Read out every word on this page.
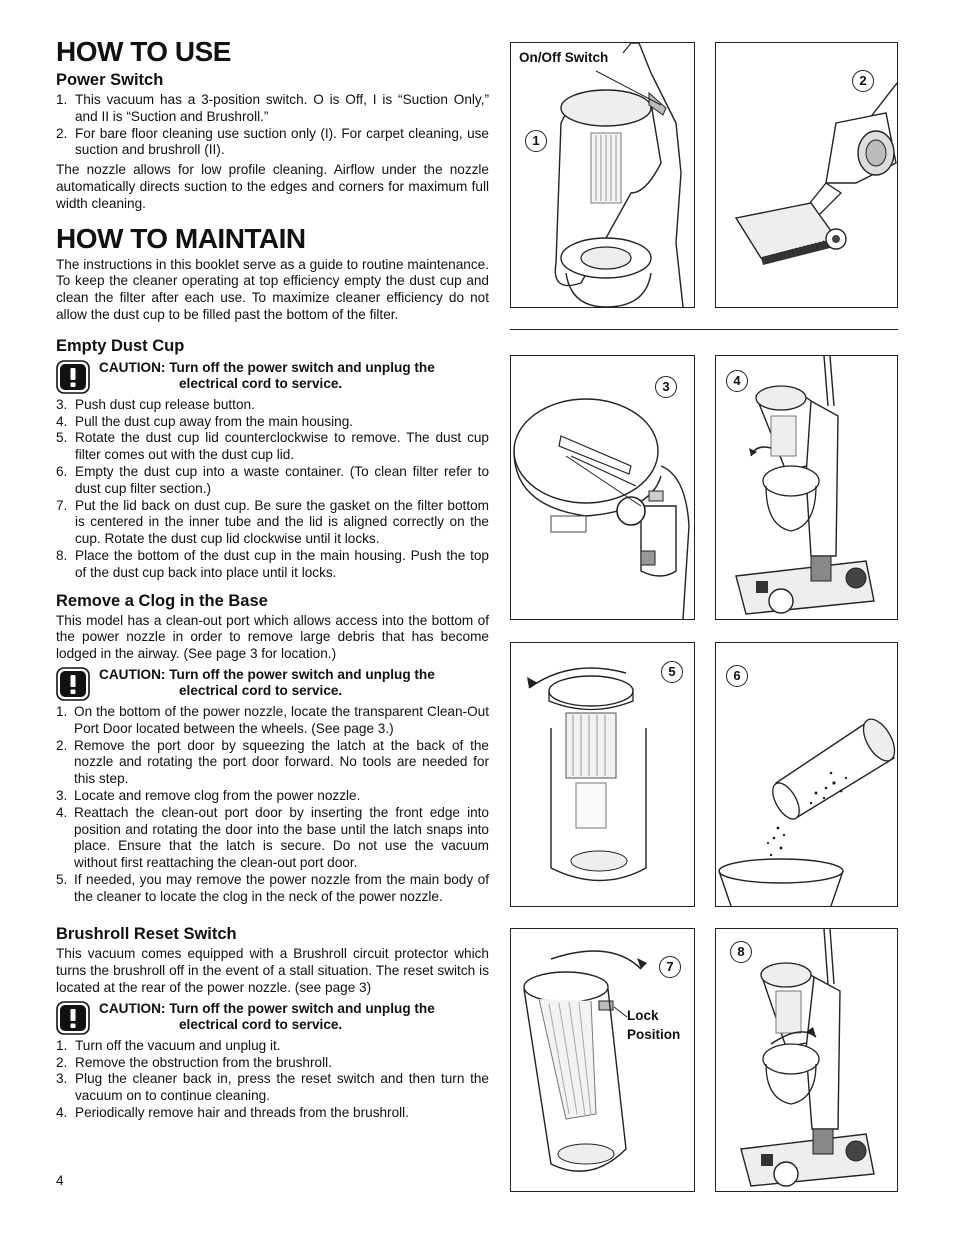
HOW TO USE
Power Switch
1. This vacuum has a 3-position switch. O is Off, I is “Suction Only,” and II is “Suction and Brushroll.”
2. For bare floor cleaning use suction only (I). For carpet cleaning, use suction and brushroll (II).
The nozzle allows for low profile cleaning. Airflow under the nozzle automatically directs suction to the edges and corners for maximum full width cleaning.
HOW TO MAINTAIN
The instructions in this booklet serve as a guide to routine maintenance. To keep the cleaner operating at top efficiency empty the dust cup and clean the filter after each use. To maximize cleaner efficiency do not allow the dust cup to be filled past the bottom of the filter.
Empty Dust Cup
CAUTION: Turn off the power switch and unplug the
electrical cord to service.
3. Push dust cup release button.
4. Pull the dust cup away from the main housing.
5. Rotate the dust cup lid counterclockwise to remove. The dust cup filter comes out with the dust cup lid.
6. Empty the dust cup into a waste container. (To clean filter refer to dust cup filter section.)
7. Put the lid back on dust cup. Be sure the gasket on the filter bottom is centered in the inner tube and the lid is aligned correctly on the cup. Rotate the dust cup lid clockwise until it locks.
8. Place the bottom of the dust cup in the main housing. Push the top of the dust cup back into place until it locks.
Remove a Clog in the Base
This model has a clean-out port which allows access into the bottom of the power nozzle in order to remove large debris that has become lodged in the airway. (See page 3 for location.)
CAUTION: Turn off the power switch and unplug the
electrical cord to service.
1. On the bottom of the power nozzle, locate the transparent Clean-Out Port Door located between the wheels. (See page 3.)
2. Remove the port door by squeezing the latch at the back of the nozzle and rotating the port door forward. No tools are needed for this step.
3. Locate and remove clog from the power nozzle.
4. Reattach the clean-out port door by inserting the front edge into position and rotating the door into the base until the latch snaps into place. Ensure that the latch is secure. Do not use the vacuum without first reattaching the clean-out port door.
5. If needed, you may remove the power nozzle from the main body of the cleaner to locate the clog in the neck of the power nozzle.
Brushroll Reset Switch
This vacuum comes equipped with a Brushroll circuit protector which turns the brushroll off in the event of a stall situation. The reset switch is located at the rear of the power nozzle. (see page 3)
CAUTION: Turn off the power switch and unplug the
electrical cord to service.
1. Turn off the vacuum and unplug it.
2. Remove the obstruction from the brushroll.
3. Plug the cleaner back in, press the reset switch and then turn the vacuum on to continue cleaning.
4. Periodically remove hair and threads from the brushroll.
4
On/Off Switch
1
2
3	4
5	6
7
Lock
Position
8
